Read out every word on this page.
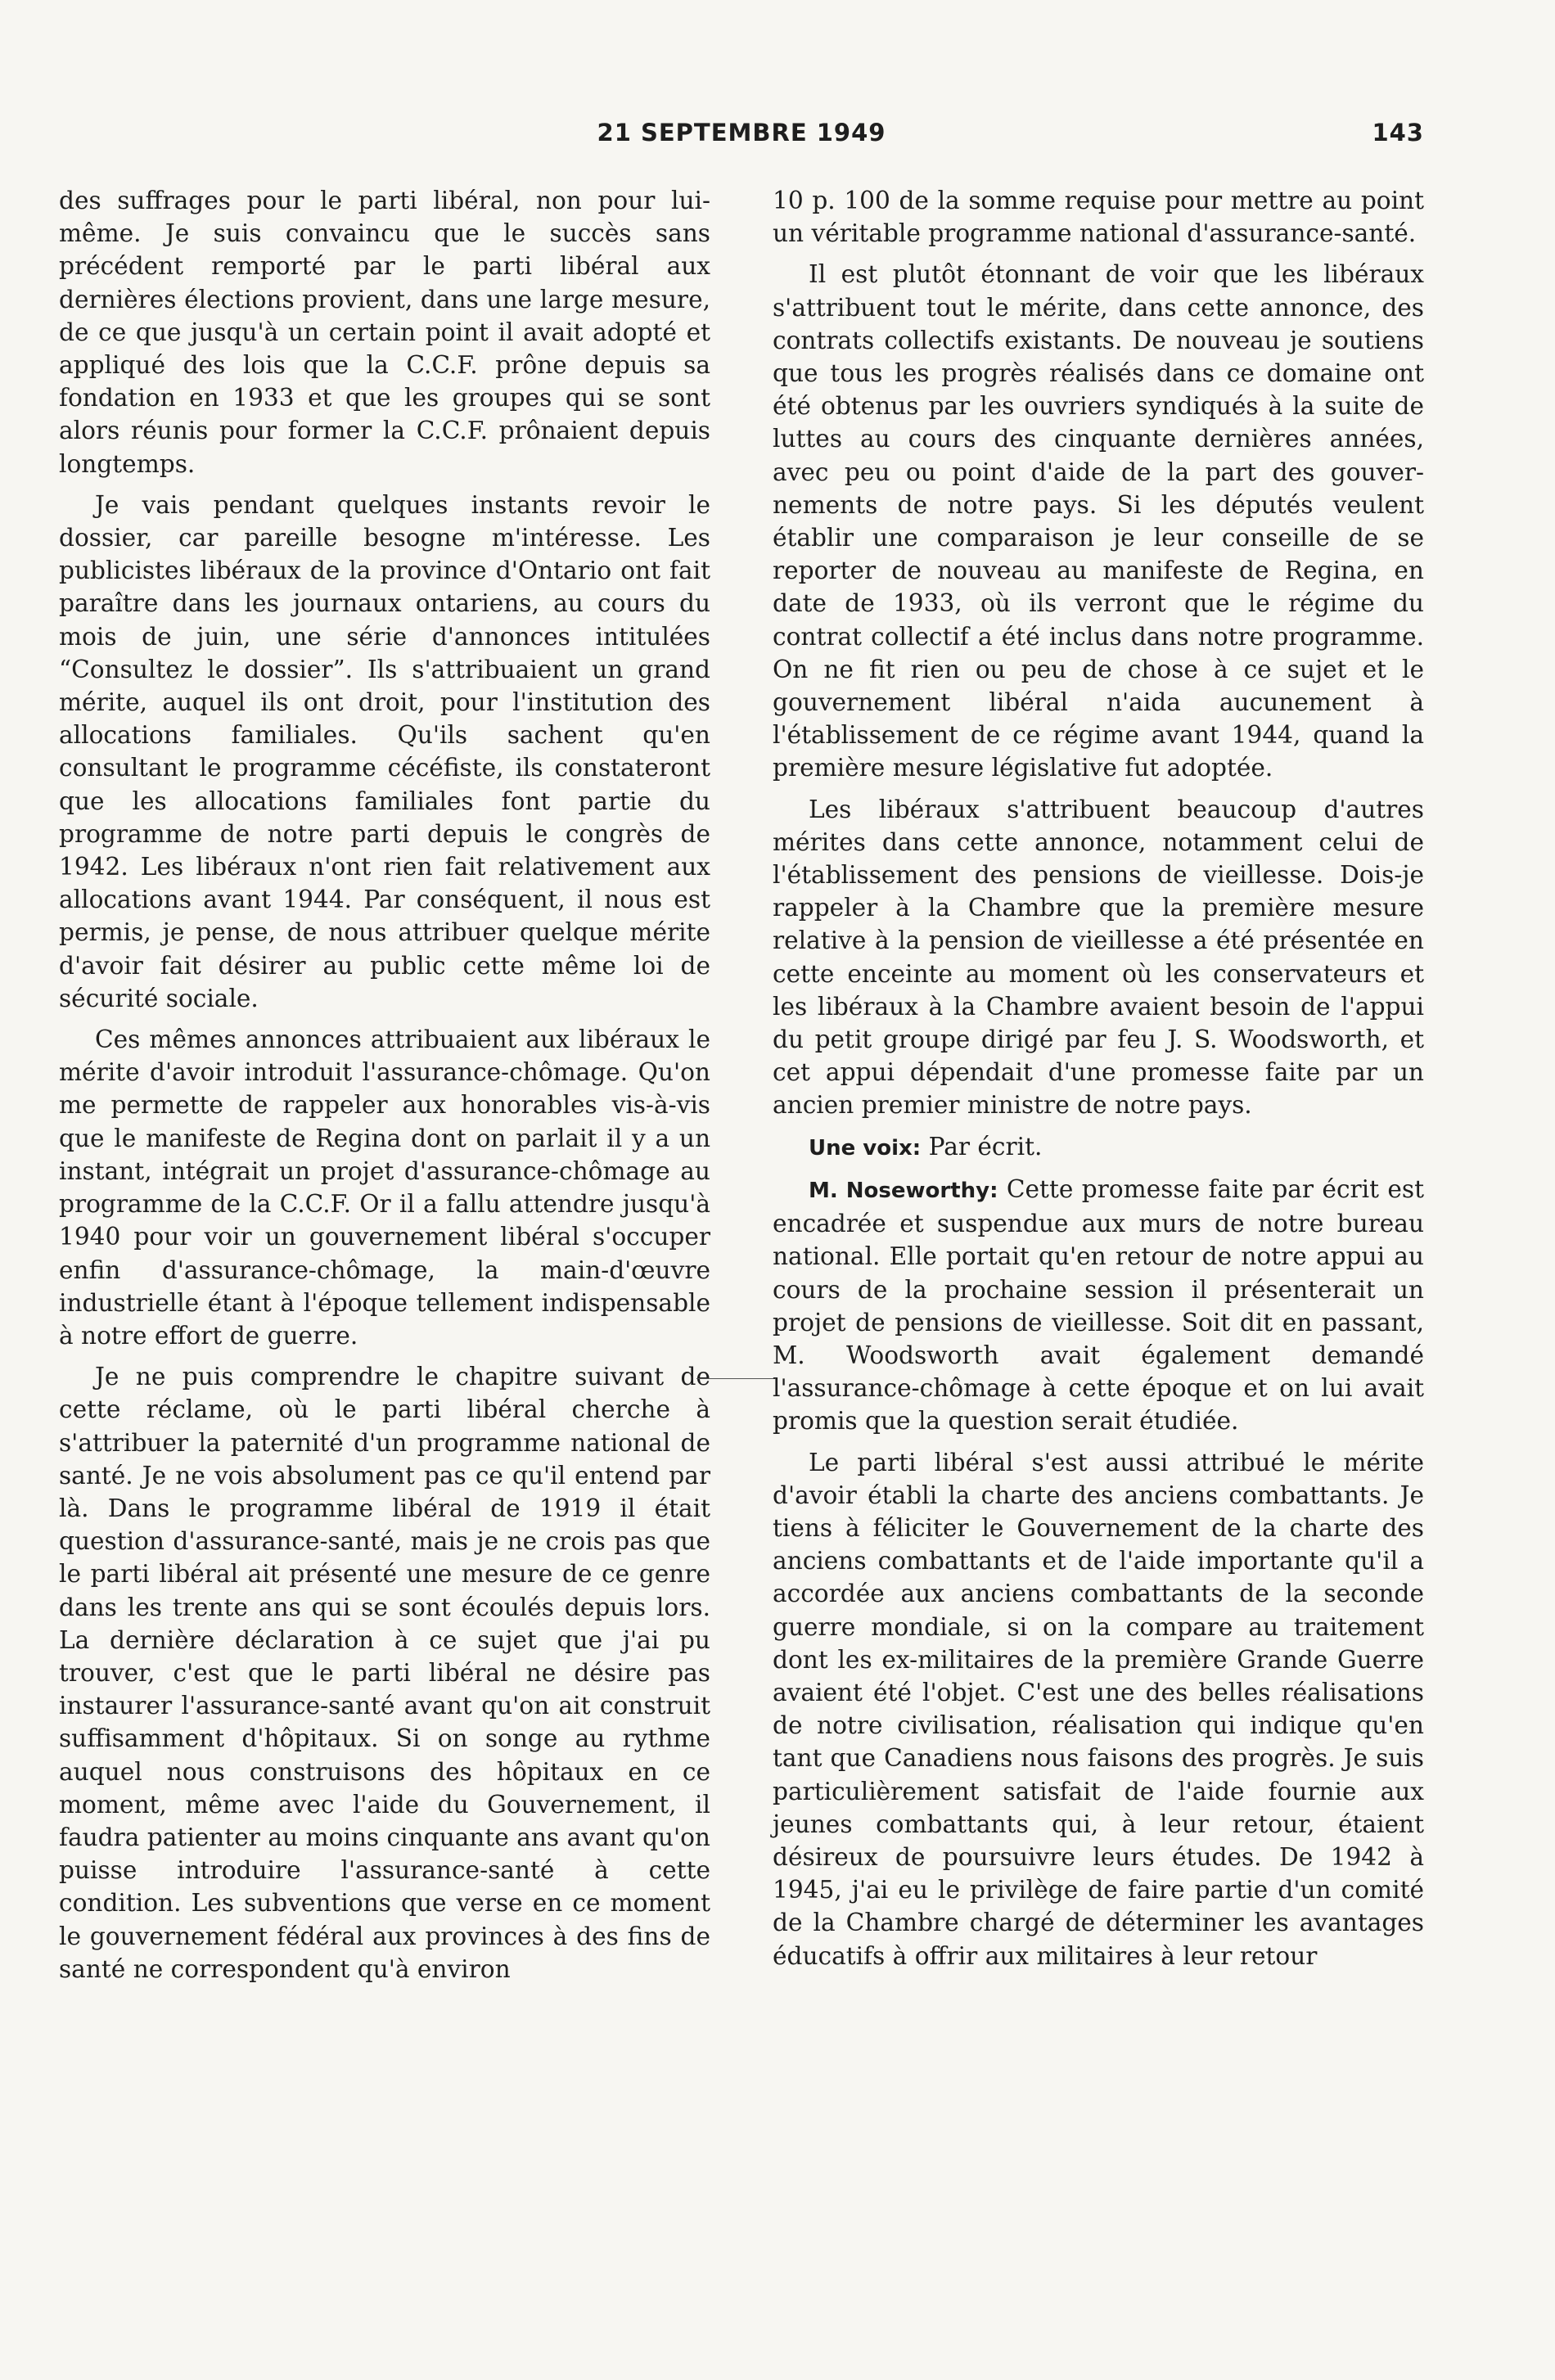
21 SEPTEMBRE 1949	143

des suffrages pour le parti libéral, non pour lui-même. Je suis convaincu que le succès sans précédent remporté par le parti libéral aux dernières élections provient, dans une large mesure, de ce que jusqu'à un certain point il avait adopté et appliqué des lois que la C.C.F. prône depuis sa fondation en 1933 et que les groupes qui se sont alors réunis pour former la C.C.F. prônaient depuis longtemps.

Je vais pendant quelques instants revoir le dossier, car pareille besogne m'intéresse. Les publicistes libéraux de la province d'Ontario ont fait paraître dans les journaux ontariens, au cours du mois de juin, une série d'annonces intitulées “Consultez le dossier”. Ils s'attribuaient un grand mérite, auquel ils ont droit, pour l'institution des allocations familiales. Qu'ils sachent qu'en consultant le programme cécéfiste, ils constateront que les allocations familiales font partie du programme de notre parti depuis le congrès de 1942. Les libéraux n'ont rien fait relativement aux allocations avant 1944. Par conséquent, il nous est permis, je pense, de nous attribuer quelque mérite d'avoir fait désirer au public cette même loi de sécurité sociale.

Ces mêmes annonces attribuaient aux libéraux le mérite d'avoir introduit l'assurance-chômage. Qu'on me permette de rappeler aux honorables vis-à-vis que le manifeste de Regina dont on parlait il y a un instant, intégrait un projet d'assurance-chômage au programme de la C.C.F. Or il a fallu attendre jusqu'à 1940 pour voir un gouvernement libéral s'occuper enfin d'assurance-chômage, la main-d'œuvre industrielle étant à l'époque tellement indispensable à notre effort de guerre.

Je ne puis comprendre le chapitre suivant de cette réclame, où le parti libéral cherche à s'attribuer la paternité d'un programme national de santé. Je ne vois absolument pas ce qu'il entend par là. Dans le programme libéral de 1919 il était question d'assurance-santé, mais je ne crois pas que le parti libéral ait présenté une mesure de ce genre dans les trente ans qui se sont écoulés depuis lors. La dernière déclaration à ce sujet que j'ai pu trouver, c'est que le parti libéral ne désire pas instaurer l'assurance-santé avant qu'on ait construit suffisamment d'hôpitaux. Si on songe au rythme auquel nous construisons des hôpitaux en ce moment, même avec l'aide du Gouvernement, il faudra patienter au moins cinquante ans avant qu'on puisse introduire l'assurance-santé à cette condition. Les subventions que verse en ce moment le gouvernement fédéral aux provinces à des fins de santé ne correspondent qu'à environ

10 p. 100 de la somme requise pour mettre au point un véritable programme national d'assurance-santé.

Il est plutôt étonnant de voir que les libéraux s'attribuent tout le mérite, dans cette annonce, des contrats collectifs existants. De nouveau je soutiens que tous les progrès réalisés dans ce domaine ont été obtenus par les ouvriers syndiqués à la suite de luttes au cours des cinquante dernières années, avec peu ou point d'aide de la part des gouvernements de notre pays. Si les députés veulent établir une comparaison je leur conseille de se reporter de nouveau au manifeste de Regina, en date de 1933, où ils verront que le régime du contrat collectif a été inclus dans notre programme. On ne fit rien ou peu de chose à ce sujet et le gouvernement libéral n'aida aucunement à l'établissement de ce régime avant 1944, quand la première mesure législative fut adoptée.

Les libéraux s'attribuent beaucoup d'autres mérites dans cette annonce, notamment celui de l'établissement des pensions de vieillesse. Dois-je rappeler à la Chambre que la première mesure relative à la pension de vieillesse a été présentée en cette enceinte au moment où les conservateurs et les libéraux à la Chambre avaient besoin de l'appui du petit groupe dirigé par feu J. S. Woodsworth, et cet appui dépendait d'une promesse faite par un ancien premier ministre de notre pays.

Une voix: Par écrit.

M. Noseworthy: Cette promesse faite par écrit est encadrée et suspendue aux murs de notre bureau national. Elle portait qu'en retour de notre appui au cours de la prochaine session il présenterait un projet de pensions de vieillesse. Soit dit en passant, M. Woodsworth avait également demandé l'assurance-chômage à cette époque et on lui avait promis que la question serait étudiée.

Le parti libéral s'est aussi attribué le mérite d'avoir établi la charte des anciens combattants. Je tiens à féliciter le Gouvernement de la charte des anciens combattants et de l'aide importante qu'il a accordée aux anciens combattants de la seconde guerre mondiale, si on la compare au traitement dont les ex-militaires de la première Grande Guerre avaient été l'objet. C'est une des belles réalisations de notre civilisation, réalisation qui indique qu'en tant que Canadiens nous faisons des progrès. Je suis particulièrement satisfait de l'aide fournie aux jeunes combattants qui, à leur retour, étaient désireux de poursuivre leurs études. De 1942 à 1945, j'ai eu le privilège de faire partie d'un comité de la Chambre chargé de déterminer les avantages éducatifs à offrir aux militaires à leur retour
